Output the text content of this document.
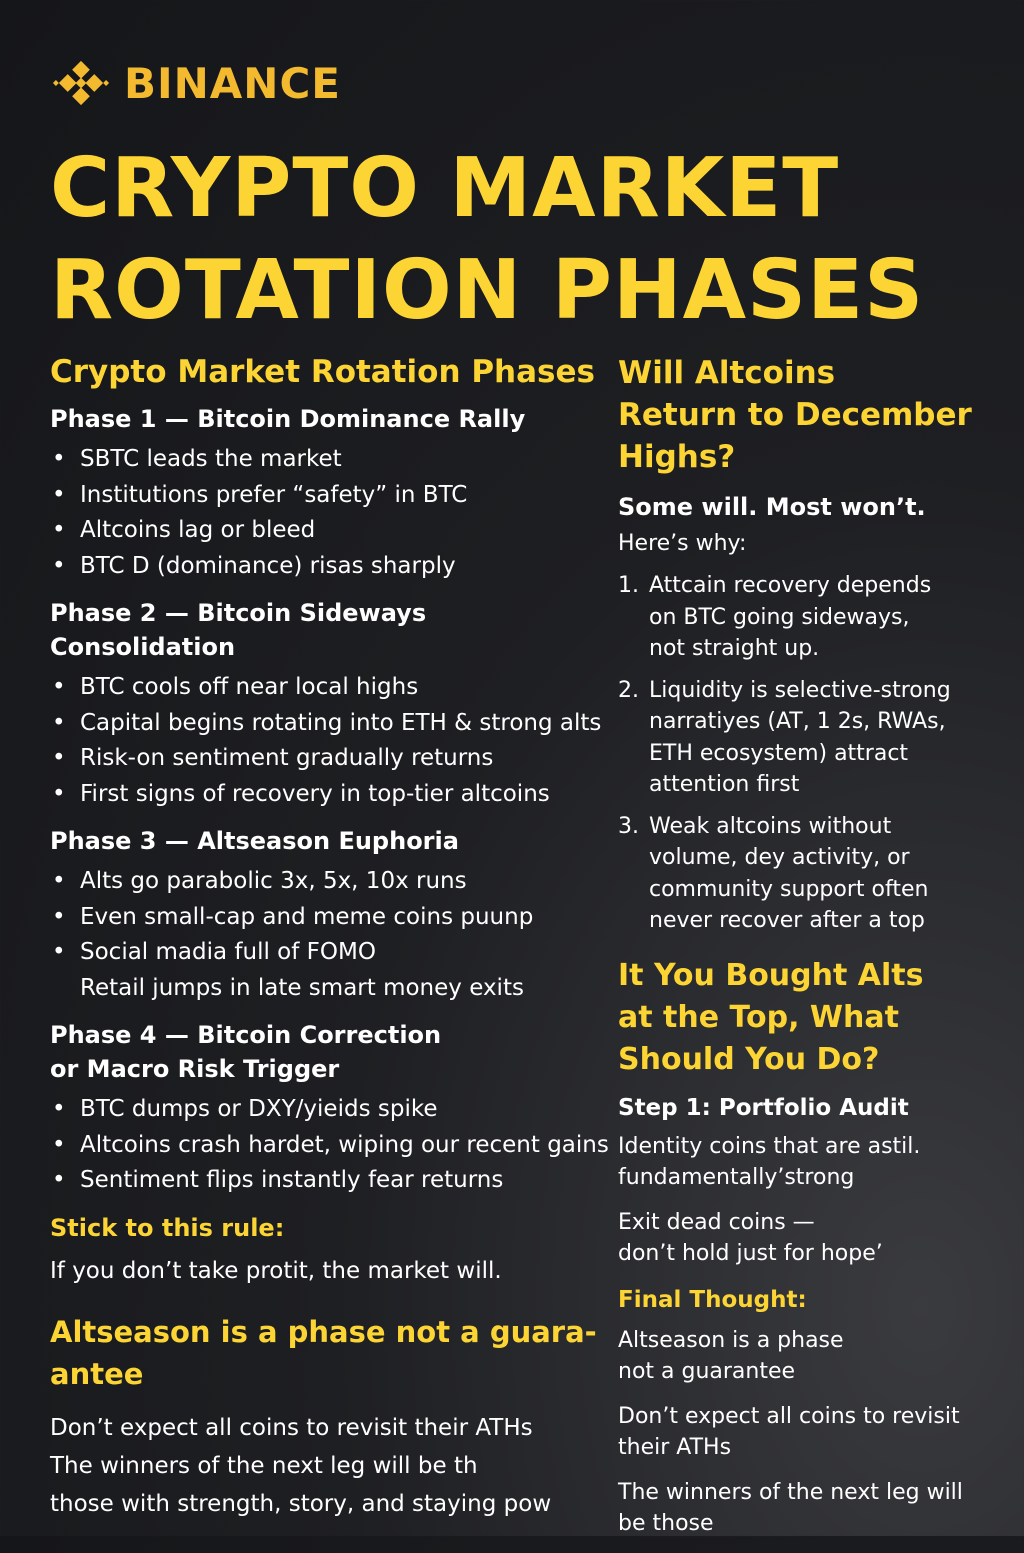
BINANCE
CRYPTO MARKET
ROTATION PHASES
Crypto Market Rotation Phases
Phase 1 — Bitcoin Dominance Rally
• SBTC leads the market
• Institutions prefer “safety” in BTC
• Altcoins lag or bleed
• BTC D (dominance) risas sharply
Phase 2 — Bitcoin Sideways Consolidation
• BTC cools off near local highs
• Capital begins rotating into ETH & strong alts
• Risk-on sentiment gradually returns
• First signs of recovery in top-tier altcoins
Phase 3 — Altseason Euphoria
• Alts go parabolic 3x, 5x, 10x runs
• Even small-cap and meme coins puunp
• Social madia full of FOMO
Retail jumps in late smart money exits
Phase 4 — Bitcoin Correction
or Macro Risk Trigger
• BTC dumps or DXY/yieids spike
• Altcoins crash hardet, wiping our recent gains
• Sentiment flips instantly fear returns
Stick to this rule:

If you don’t take protit, the market will.

Altseason is a phase not a guara-
antee

Don’t expect all coins to revisit their ATHs

The winners of the next leg will be th

those with strength, story, and staying pow

Will Altcoins
Return to December
Highs?
Some will. Most won’t.

Here’s why:

1. Attcain recovery depends
on BTC going sideways,
not straight up.
2. Liquidity is selective-strong
narratiyes (AT, 1 2s, RWAs,
ETH ecosystem) attract
attention first
3. Weak altcoins without
volume, dey activity, or
community support often
never recover after a top
It You Bought Alts
at the Top, What
Should You Do?
Step 1: Portfolio Audit

Identity coins that are astil.
fundamentally’strong

Exit dead coins —
don’t hold just for hope’

Final Thought:

Altseason is a phase
not a guarantee

Don’t expect all coins to revisit
their ATHs

The winners of the next leg will
be those
